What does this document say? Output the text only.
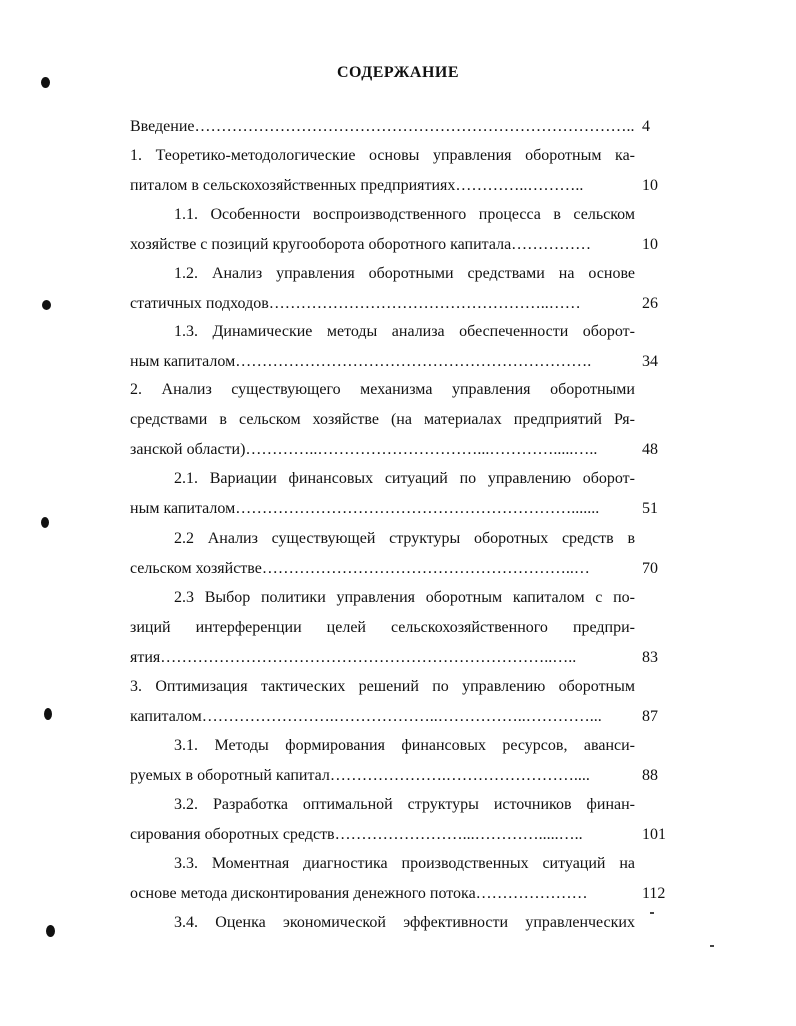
СОДЕРЖАНИЕ
Введение……………………………………………………………………….. 4
1. Теоретико-методологические основы управления оборотным ка-
питалом в сельскохозяйственных предприятиях…………..………..	10
1.1. Особенности воспроизводственного процесса в сельском
хозяйстве с позиций кругооборота оборотного капитала……………	10
1.2. Анализ управления оборотными средствами на основе
статичных подходов……………………………………………..……	26
1.3. Динамические методы анализа обеспеченности оборот-
ным капиталом………………………………………………………….	34
2. Анализ существующего механизма управления оборотными
средствами в сельском хозяйстве (на материалах предприятий Ря-
занской области)…………..…………………………...………….....…..	48
2.1. Вариации финансовых ситуаций по управлению оборот-
ным капиталом……………………………………………………….......	51
2.2 Анализ существующей структуры оборотных средств в
сельском хозяйстве…………………………………………………..…	70
2.3 Выбор политики управления оборотным капиталом с по-
зиций интерференции целей сельскохозяйственного предпри-
ятия………………………………………………………………..…..	83
3. Оптимизация тактических решений по управлению оборотным
капиталом…………………….………………..……………..…………...	87
3.1. Методы формирования финансовых ресурсов, аванси-
руемых в оборотный капитал………………….……………………....	88
3.2. Разработка оптимальной структуры источников финан-
сирования оборотных средств……………………...………….....…..	101
3.3. Моментная диагностика производственных ситуаций на
основе метода дисконтирования денежного потока…………………	112
3.4. Оценка экономической эффективности управленческих
